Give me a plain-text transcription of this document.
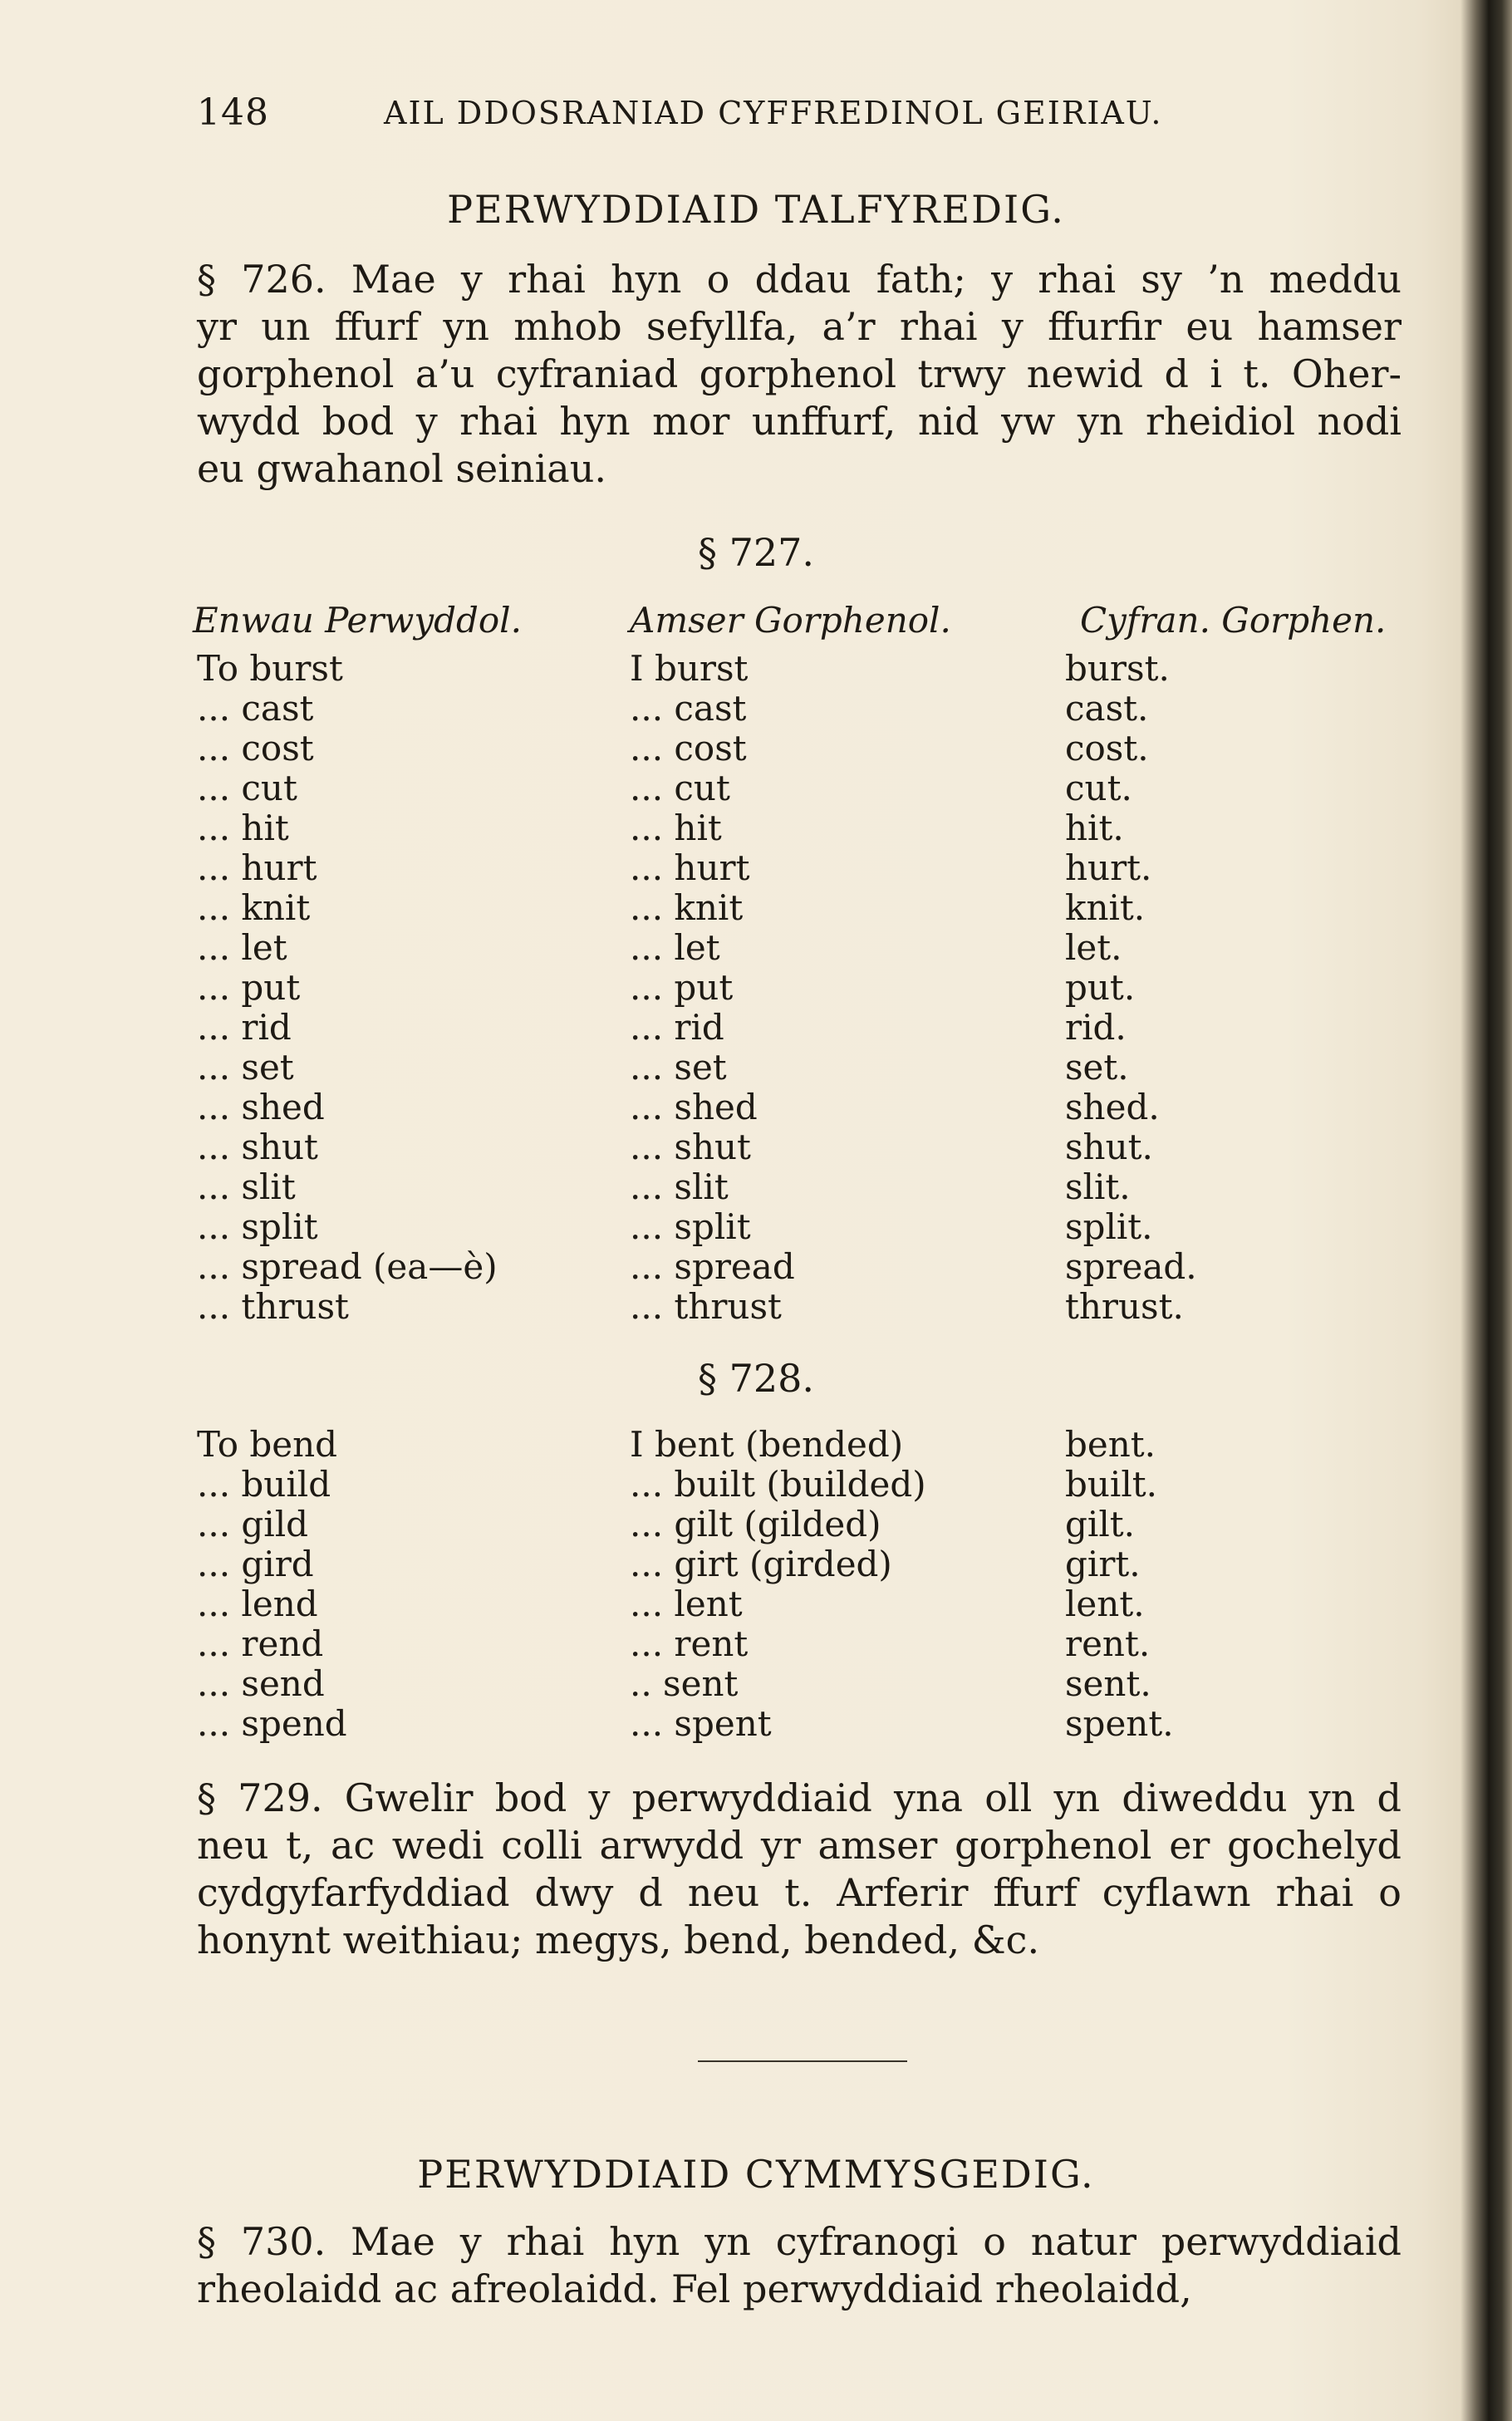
148	AIL DDOSRANIAD CYFFREDINOL GEIRIAU.
PERWYDDIAID TALFYREDIG.
§ 726. Mae y rhai hyn o ddau fath; y rhai sy ’n meddu
yr un ffurf yn mhob sefyllfa, a’r rhai y ffurfir eu hamser
gorphenol a’u cyfraniad gorphenol trwy newid d i t. Oher-
wydd bod y rhai hyn mor unffurf, nid yw yn rheidiol nodi
eu gwahanol seiniau.
§ 727.
Enwau Perwyddol.	Amser Gorphenol.	Cyfran. Gorphen.
To burst	I burst	burst.
... cast	... cast	cast.
... cost	... cost	cost.
... cut	... cut	cut.
... hit	... hit	hit.
... hurt	... hurt	hurt.
... knit	... knit	knit.
... let	... let	let.
... put	... put	put.
... rid	... rid	rid.
... set	... set	set.
... shed	... shed	shed.
... shut	... shut	shut.
... slit	... slit	slit.
... split	... split	split.
... spread (ea—è)	... spread	spread.
... thrust	... thrust	thrust.
§ 728.
To bend	I bent (bended)	bent.
... build	... built (builded)	built.
... gild	... gilt (gilded)	gilt.
... gird	... girt (girded)	girt.
... lend	... lent	lent.
... rend	... rent	rent.
... send	.. sent	sent.
... spend	... spent	spent.
§ 729. Gwelir bod y perwyddiaid yna oll yn diweddu yn d
neu t, ac wedi colli arwydd yr amser gorphenol er gochelyd
cydgyfarfyddiad dwy d neu t. Arferir ffurf cyflawn rhai o
honynt weithiau; megys, bend, bended, &c.
PERWYDDIAID CYMMYSGEDIG.
§ 730. Mae y rhai hyn yn cyfranogi o natur perwyddiaid
rheolaidd ac afreolaidd. Fel perwyddiaid rheolaidd,
